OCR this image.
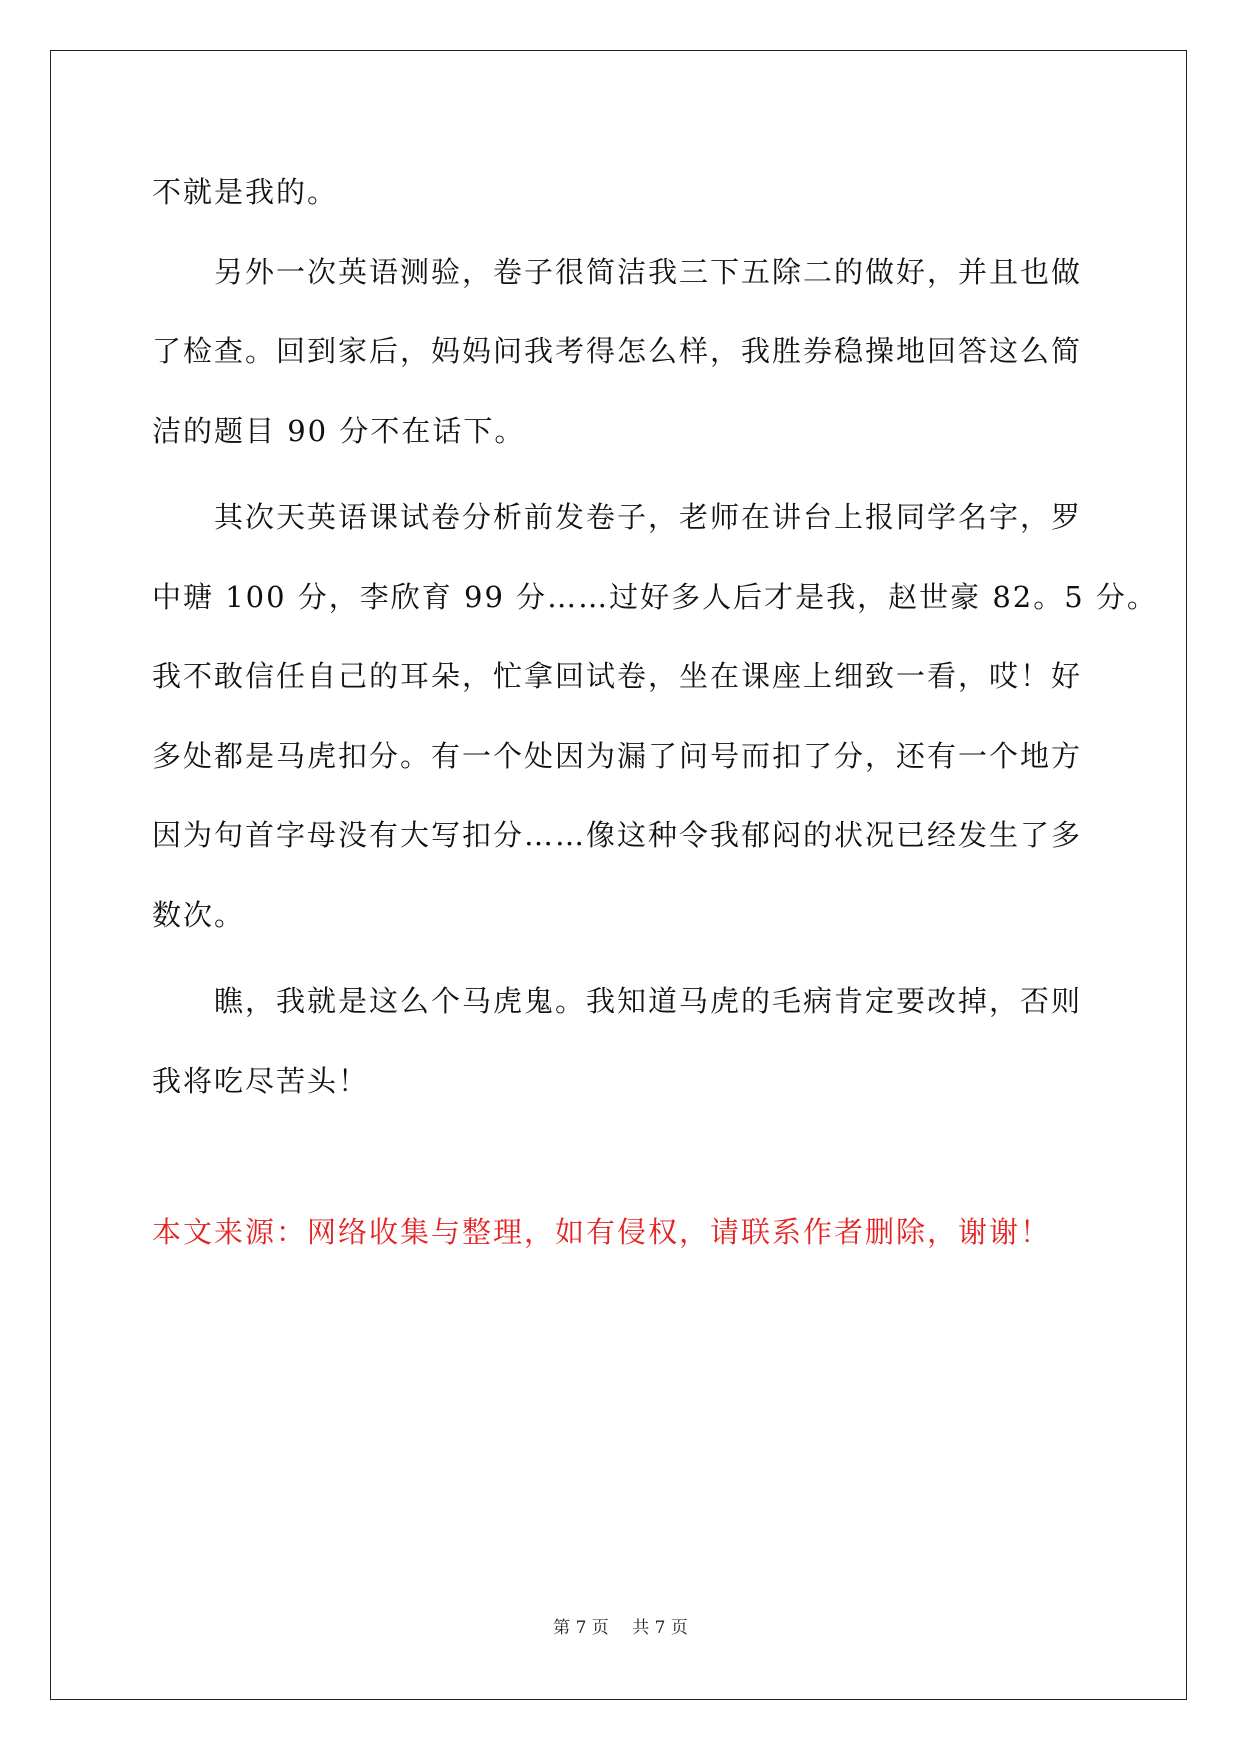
不就是我的。
另外一次英语测验，卷子很简洁我三下五除二的做好，并且也做
了检查。回到家后，妈妈问我考得怎么样，我胜券稳操地回答这么简
洁的题目 90 分不在话下。
其次天英语课试卷分析前发卷子，老师在讲台上报同学名字，罗
中瑭 100 分，李欣育 99 分……过好多人后才是我，赵世豪 82。5 分。
我不敢信任自己的耳朵，忙拿回试卷，坐在课座上细致一看，哎！好
多处都是马虎扣分。有一个处因为漏了问号而扣了分，还有一个地方
因为句首字母没有大写扣分……像这种令我郁闷的状况已经发生了多
数次。
瞧，我就是这么个马虎鬼。我知道马虎的毛病肯定要改掉，否则
我将吃尽苦头！
本文来源：网络收集与整理，如有侵权，请联系作者删除，谢谢！
第 7 页 共 7 页
